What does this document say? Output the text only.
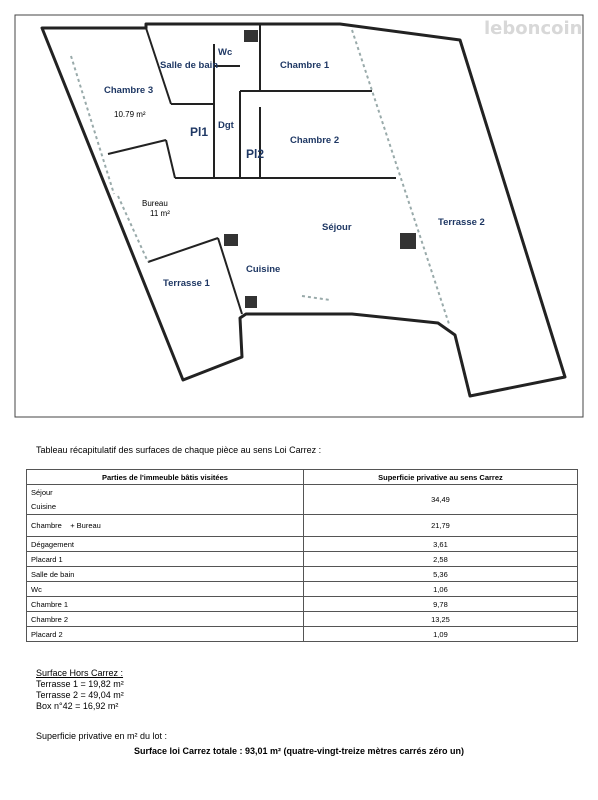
leboncoin
Chambre 3
10.79 m²
Salle de bain
Wc
Chambre 1
Dgt
Pl1
Pl2
Chambre 2
Bureau
11 m²
Séjour	Terrasse 2
Cuisine
Terrasse 1
Tableau récapitulatif des surfaces de chaque pièce au sens Loi Carrez :
Parties de l'immeuble bâtis visitées	Superficie privative au sens Carrez

Séjour
Cuisine	34,49
Chambre + Bureau	21,79
Dégagement	3,61
Placard 1	2,58
Salle de bain	5,36
Wc	1,06
Chambre 1	9,78
Chambre 2	13,25
Placard 2	1,09
Surface Hors Carrez :
Terrasse 1 = 19,82 m²
Terrasse 2 = 49,04 m²
Box n°42 = 16,92 m²
Superficie privative en m² du lot :
Surface loi Carrez totale : 93,01 m² (quatre-vingt-treize mètres carrés zéro un)
